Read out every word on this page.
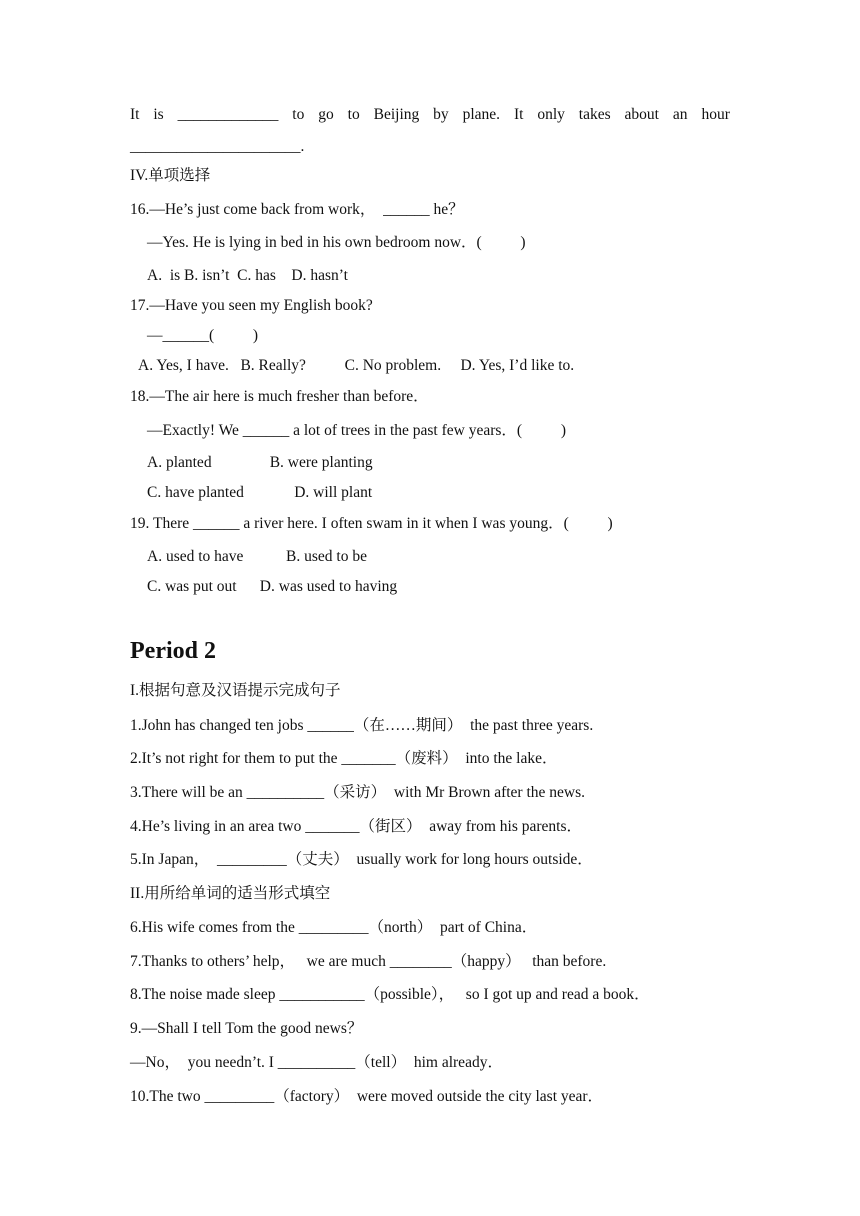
It is _____________ to go to Beijing by plane. It only takes about an hour
______________________.
IV.单项选择
16.—He’s just come back from work，  ______ he？
—Yes. He is lying in bed in his own bedroom now．(          )
A.  is B. isn’t  C. has    D. hasn’t
17.—Have you seen my English book?
—______(          )
A. Yes, I have.   B. Really?          C. No problem.     D. Yes, I’d like to.
18.—The air here is much fresher than before．
—Exactly! We ______ a lot of trees in the past few years．(          )
A. planted               B. were planting
C. have planted             D. will plant
19. There ______ a river here. I often swam in it when I was young．(          )
A. used to have           B. used to be
C. was put out      D. was used to having
Period 2
I.根据句意及汉语提示完成句子
1.John has changed ten jobs ______（在……期间）  the past three years.
2.It’s not right for them to put the _______（废料）  into the lake．
3.There will be an __________（采访）  with Mr Brown after the news.
4.He’s living in an area two _______（街区）  away from his parents．
5.In Japan，  _________（丈夫）  usually work for long hours outside．
II.用所给单词的适当形式填空
6.His wife comes from the _________（north）  part of China．
7.Thanks to others’ help，   we are much ________（happy）   than before.
8.The noise made sleep ___________（possible），   so I got up and read a book．
9.—Shall I tell Tom the good news？
—No，  you needn’t. I __________（tell）  him already．
10.The two _________（factory）  were moved outside the city last year．
